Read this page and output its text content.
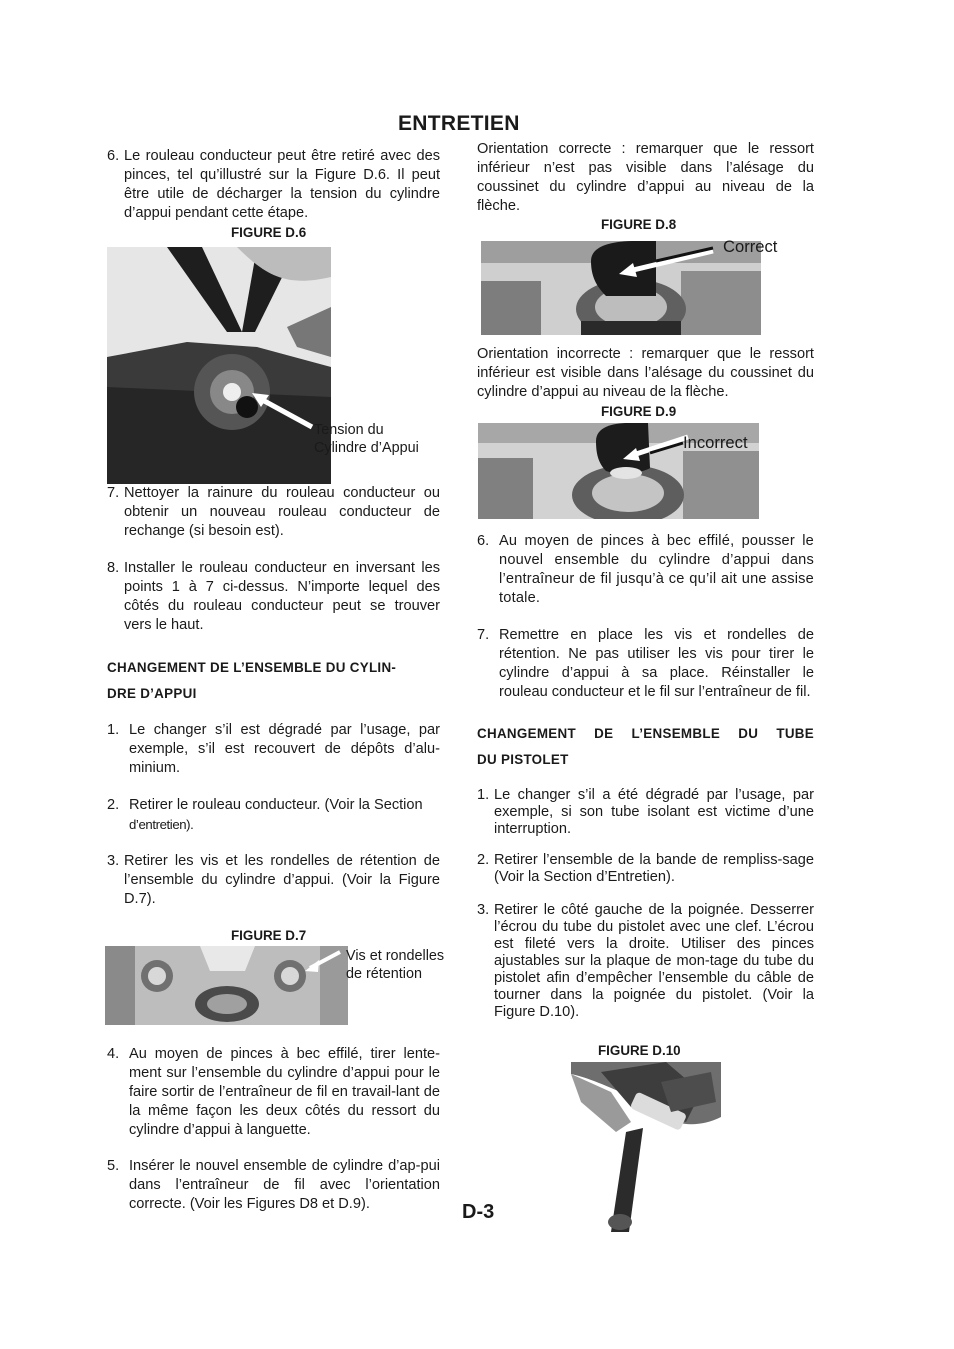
ENTRETIEN
6. Le rouleau conducteur peut être retiré avec des pinces, tel qu’illustré sur la Figure D.6. Il peut être utile de décharger la tension du cylindre d’appui pendant cette étape.
FIGURE D.6
Tension du
Cylindre d’Appui
7. Nettoyer la rainure du rouleau conducteur ou obtenir un nouveau rouleau conducteur de rechange (si besoin est).
8. Installer le rouleau conducteur en inversant les points 1 à 7 ci-dessus. N’importe lequel des côtés du rouleau conducteur peut se trouver vers le haut.
CHANGEMENT DE L’ENSEMBLE DU CYLIN-
DRE D’APPUI
1. Le changer s’il est dégradé par l’usage, par exemple, s’il est recouvert de dépôts d’alu-minium.
2. Retirer le rouleau conducteur. (Voir la Section
d’entretien).
3. Retirer les vis et les rondelles de rétention de l’ensemble du cylindre d’appui. (Voir la Figure D.7).
FIGURE D.7
Vis et rondelles
de rétention
4. Au moyen de pinces à bec effilé, tirer lente-ment sur l’ensemble du cylindre d’appui pour le faire sortir de l’entraîneur de fil en travail-lant de la même façon les deux côtés du ressort du cylindre d’appui à languette.
5. Insérer le nouvel ensemble de cylindre d’ap-pui dans l’entraîneur de fil avec l’orientation correcte. (Voir les Figures D8 et D.9).	D-3
Orientation correcte : remarquer que le ressort inférieur n’est pas visible dans l’alésage du coussinet du cylindre d’appui au niveau de la flèche.
FIGURE D.8
Correct
Orientation incorrecte : remarquer que le ressort inférieur est visible dans l’alésage du coussinet du cylindre d’appui au niveau de la flèche.
FIGURE D.9
Incorrect
6. Au moyen de pinces à bec effilé, pousser le nouvel ensemble du cylindre d’appui dans l’entraîneur de fil jusqu’à ce qu’il ait une assise totale.
7. Remettre en place les vis et rondelles de rétention. Ne pas utiliser les vis pour tirer le cylindre d’appui à sa place. Réinstaller le rouleau conducteur et le fil sur l’entraîneur de fil.
CHANGEMENT DE L’ENSEMBLE DU TUBE
DU PISTOLET
1. Le changer s’il a été dégradé par l’usage, par exemple, si son tube isolant est victime d’une interruption.
2. Retirer l’ensemble de la bande de rempliss-sage (Voir la Section d’Entretien).
3. Retirer le côté gauche de la poignée. Desserrer l’écrou du tube du pistolet avec une clef. L’écrou est fileté vers la droite. Utiliser des pinces ajustables sur la plaque de mon-tage du tube du pistolet afin d’empêcher l’ensemble du câble de tourner dans la poignée du pistolet. (Voir la Figure D.10).
FIGURE D.10
